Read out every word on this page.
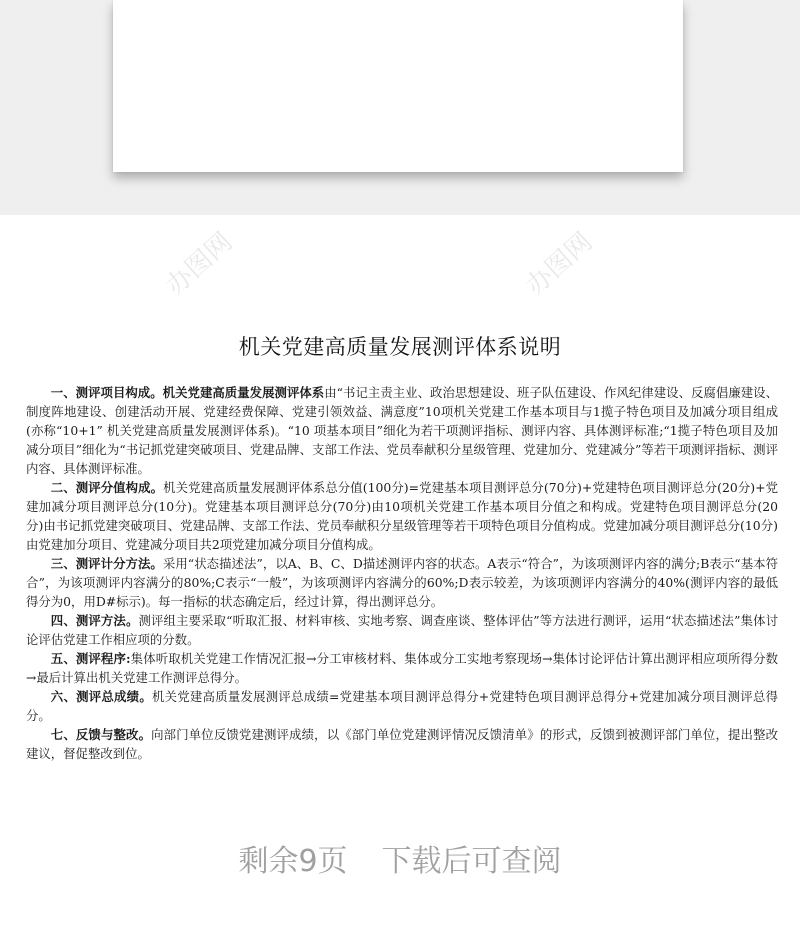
办图网	办图网
机关党建高质量发展测评体系说明

一、测评项目构成。机关党建高质量发展测评体系由“书记主责主业、政治思想建设、班子队伍建设、作风纪律建设、反腐倡廉建设、制度阵地建设、创建活动开展、党建经费保障、党建引领效益、满意度”10项机关党建工作基本项目与1揽子特色项目及加减分项目组成(亦称“10+1” 机关党建高质量发展测评体系)。“10 项基本项目”细化为若干项测评指标、测评内容、具体测评标准;“1揽子特色项目及加减分项目”细化为“书记抓党建突破项目、党建品牌、支部工作法、党员奉献积分星级管理、党建加分、党建减分”等若干项测评指标、测评内容、具体测评标准。

二、测评分值构成。机关党建高质量发展测评体系总分值(100分)=党建基本项目测评总分(70分)+党建特色项目测评总分(20分)+党建加减分项目测评总分(10分)。党建基本项目测评总分(70分)由10项机关党建工作基本项目分值之和构成。党建特色项目测评总分(20 分)由书记抓党建突破项目、党建品牌、支部工作法、党员奉献积分星级管理等若干项特色项目分值构成。党建加减分项目测评总分(10分)由党建加分项目、党建减分项目共2项党建加减分项目分值构成。

三、测评计分方法。采用“状态描述法”，以A、B、C、D描述测评内容的状态。A表示“符合”，为该项测评内容的满分;B表示“基本符合”，为该项测评内容满分的80%;C表示“一般”，为该项测评内容满分的60%;D表示较差，为该项测评内容满分的40%(测评内容的最低得分为0，用D#标示)。每一指标的状态确定后，经过计算，得出测评总分。

四、测评方法。测评组主要采取“听取汇报、材料审核、实地考察、调查座谈、整体评估”等方法进行测评，运用“状态描述法”集体讨论评估党建工作相应项的分数。

五、测评程序:集体听取机关党建工作情况汇报→分工审核材料、集体或分工实地考察现场→集体讨论评估计算出测评相应项所得分数→最后计算出机关党建工作测评总得分。

六、测评总成绩。机关党建高质量发展测评总成绩=党建基本项目测评总得分+党建特色项目测评总得分+党建加减分项目测评总得分。

七、反馈与整改。向部门单位反馈党建测评成绩，以《部门单位党建测评情况反馈清单》的形式，反馈到被测评部门单位，提出整改建议，督促整改到位。

剩余9页 下载后可查阅
